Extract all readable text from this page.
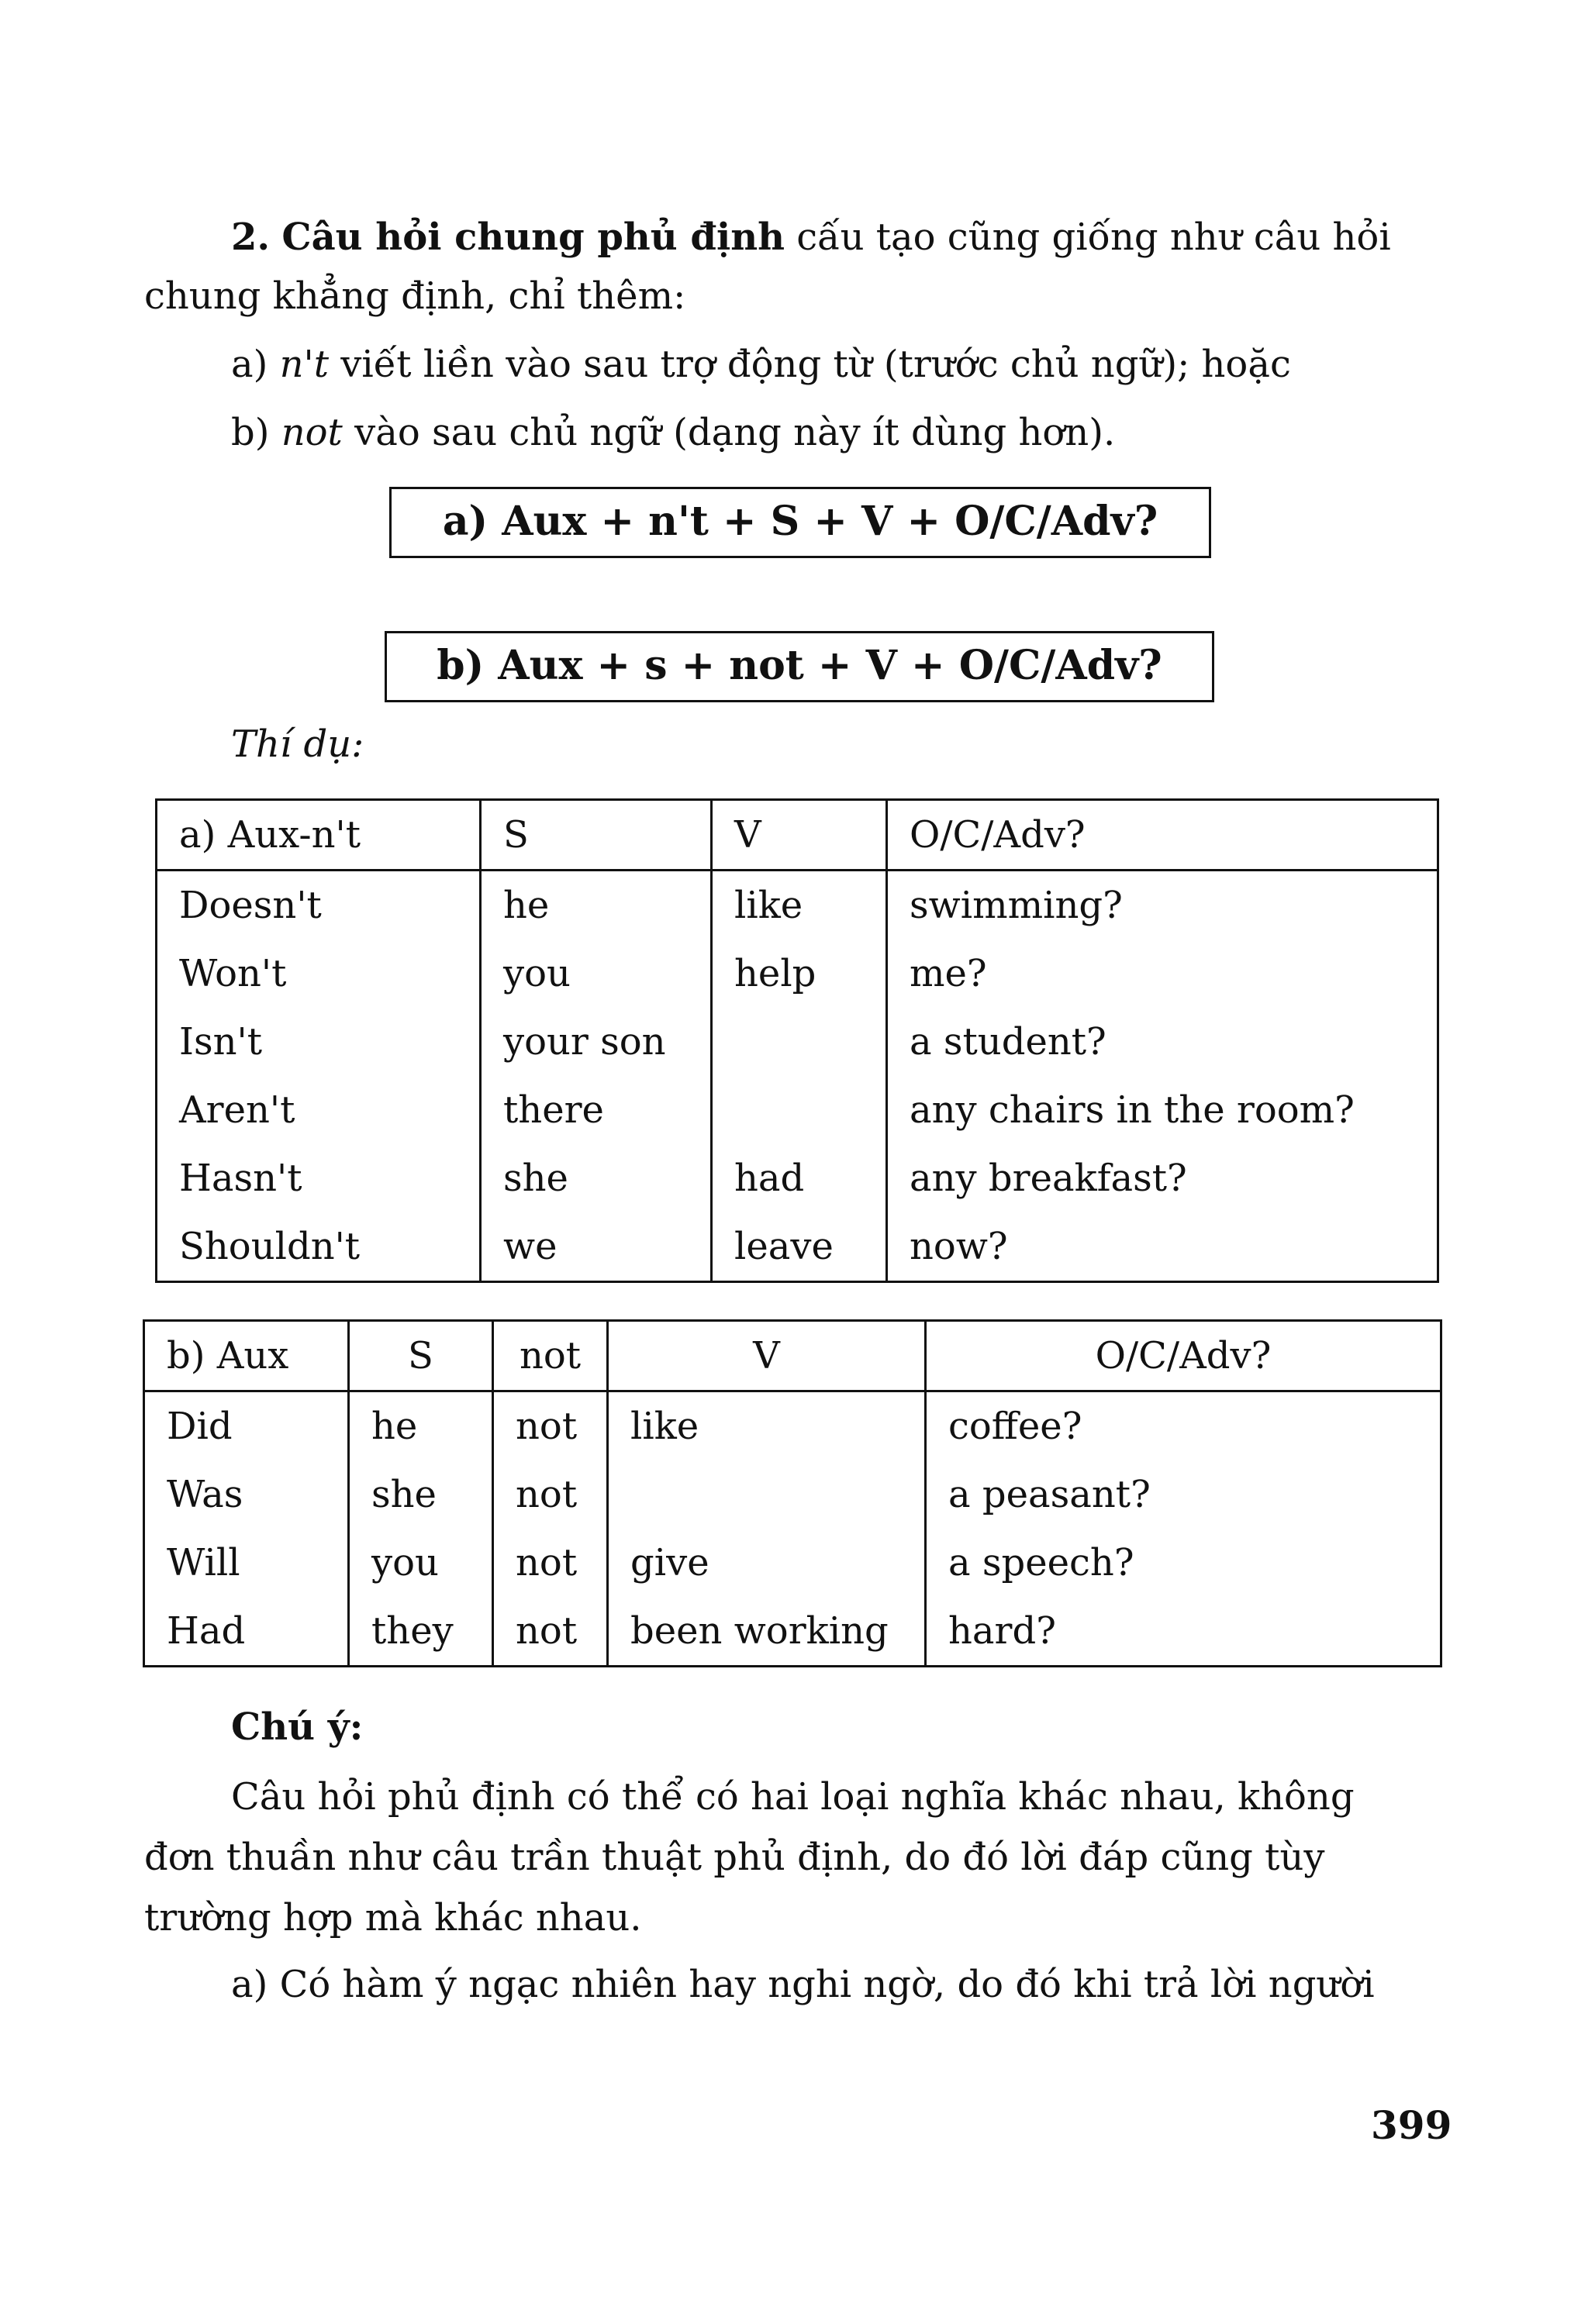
2. Câu hỏi chung phủ định cấu tạo cũng giống như câu hỏi
chung khẳng định, chỉ thêm:
a) n't viết liền vào sau trợ động từ (trước chủ ngữ); hoặc
b) not vào sau chủ ngữ (dạng này ít dùng hơn).
a) Aux + n't + S + V + O/C/Adv?
b) Aux + s + not + V + O/C/Adv?
Thí dụ:
a) Aux-n't	S	V	O/C/Adv?
Doesn't	he	like	swimming?
Won't	you	help	me?
Isn't	your son		a student?
Aren't	there		any chairs in the room?
Hasn't	she	had	any breakfast?
Shouldn't	we	leave	now?
b) Aux	S	not	V	O/C/Adv?
Did	he	not	like	coffee?
Was	she	not		a peasant?
Will	you	not	give	a speech?
Had	they	not	been working	hard?
Chú ý:
Câu hỏi phủ định có thể có hai loại nghĩa khác nhau, không
đơn thuần như câu trần thuật phủ định, do đó lời đáp cũng tùy
trường hợp mà khác nhau.
a) Có hàm ý ngạc nhiên hay nghi ngờ, do đó khi trả lời người
399
